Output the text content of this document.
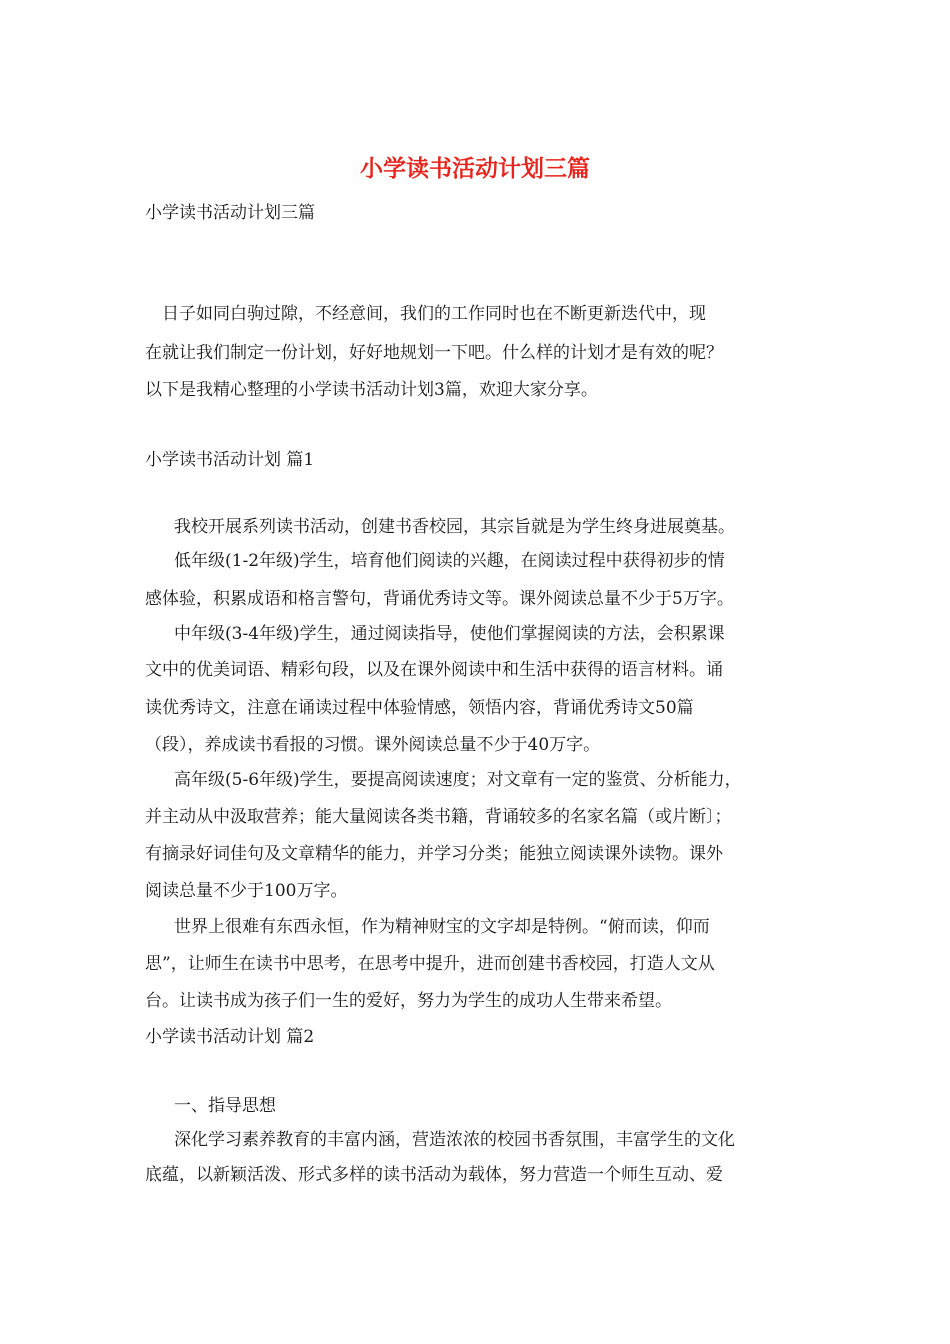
小学读书活动计划三篇
小学读书活动计划三篇
　日子如同白驹过隙，不经意间，我们的工作同时也在不断更新迭代中，现
在就让我们制定一份计划，好好地规划一下吧。什么样的计划才是有效的呢？
以下是我精心整理的小学读书活动计划3篇，欢迎大家分享。
小学读书活动计划 篇1
我校开展系列读书活动，创建书香校园，其宗旨就是为学生终身进展奠基。
低年级(1-2年级)学生，培育他们阅读的兴趣，在阅读过程中获得初步的情
感体验，积累成语和格言警句，背诵优秀诗文等。课外阅读总量不少于5万字。
中年级(3-4年级)学生，通过阅读指导，使他们掌握阅读的方法，会积累课
文中的优美词语、精彩句段，以及在课外阅读中和生活中获得的语言材料。诵
读优秀诗文，注意在诵读过程中体验情感，领悟内容，背诵优秀诗文50篇
（段），养成读书看报的习惯。课外阅读总量不少于40万字。
高年级(5-6年级)学生，要提高阅读速度；对文章有一定的鉴赏、分析能力，
并主动从中汲取营养；能大量阅读各类书籍，背诵较多的名家名篇（或片断〕；
有摘录好词佳句及文章精华的能力，并学习分类；能独立阅读课外读物。课外
阅读总量不少于100万字。
世界上很难有东西永恒，作为精神财宝的文字却是特例。“俯而读，仰而
思”，让师生在读书中思考，在思考中提升，进而创建书香校园，打造人文从
台。让读书成为孩子们一生的爱好，努力为学生的成功人生带来希望。
小学读书活动计划 篇2
一、指导思想
深化学习素养教育的丰富内涵，营造浓浓的校园书香氛围，丰富学生的文化
底蕴，以新颖活泼、形式多样的读书活动为载体，努力营造一个师生互动、爱
